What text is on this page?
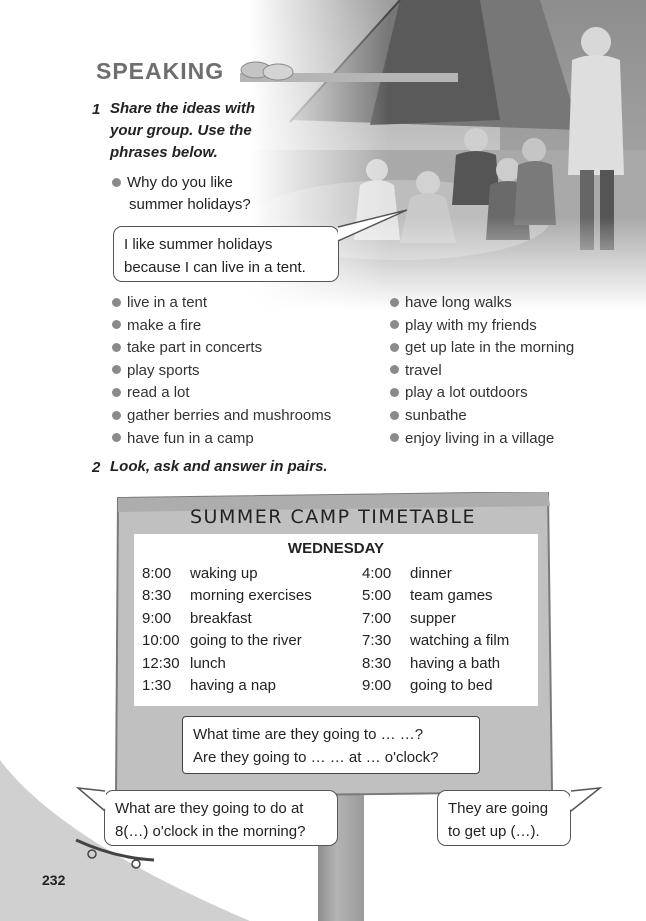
SPEAKING
1 Share the ideas with
your group. Use the
phrases below.
Why do you like
summer holidays?
I like summer holidays
because I can live in a tent.
live in a tent
make a fire
take part in concerts
play sports
read a lot
gather berries and mushrooms
have fun in a camp
have long walks
play with my friends
get up late in the morning
travel
play a lot outdoors
sunbathe
enjoy living in a village
2 Look, ask and answer in pairs.
SUMMER CAMP TIMETABLE
WEDNESDAY
8:00 waking up
8:30 morning exercises
9:00 breakfast
10:00 going to the river
12:30 lunch
1:30 having a nap
4:00 dinner
5:00 team games
7:00 supper
7:30 watching a film
8:30 having a bath
9:00 going to bed
What time are they going to … …?
Are they going to … … at … o'clock?
What are they going to do at
8(…) o'clock in the morning?
They are going
to get up (…).
232
